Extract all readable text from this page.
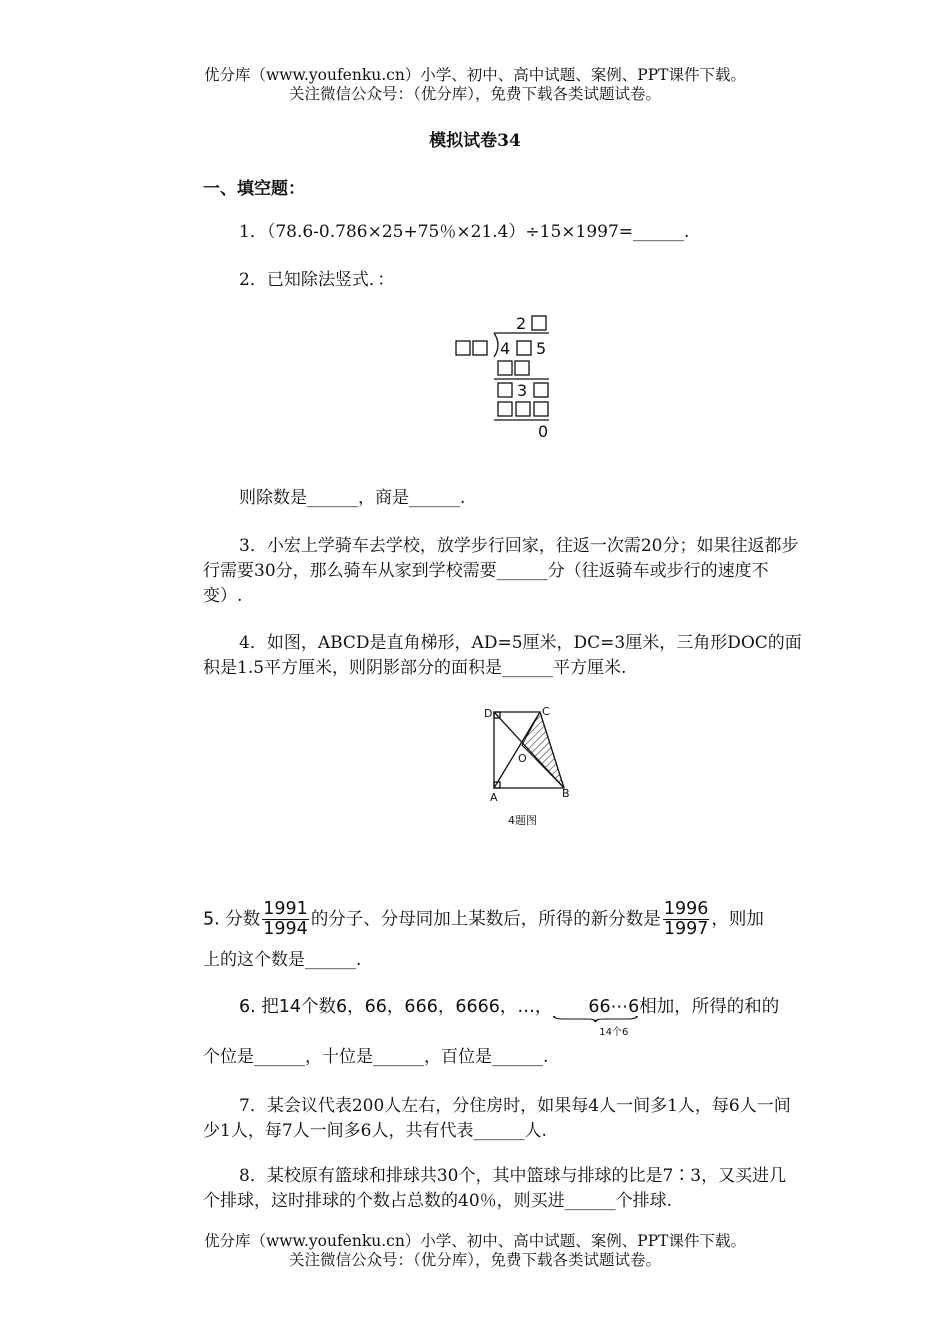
优分库（www.youfenku.cn）小学、初中、高中试题、案例、PPT课件下载。
关注微信公众号：（优分库），免费下载各类试题试卷。
模拟试卷34
一、填空题：
1．（78.6-0.786×25+75％×21.4）÷15×1997=______.
2．已知除法竖式．：
2
4 5
3
0
则除数是______，商是______.
3．小宏上学骑车去学校，放学步行回家，往返一次需20分；如果往返都步行需要30分，那么骑车从家到学校需要______分（往返骑车或步行的速度不变）.
4．如图，ABCD是直角梯形，AD=5厘米，DC=3厘米，三角形DOC的面积是1.5平方厘米，则阴影部分的面积是______平方厘米.
D	C
O
A	B
4题图
5. 分数 $\frac{1991}{1994}$ 的分子、分母同加上某数后，所得的新分数是 $\frac{1996}{1997}$ ，则加
上的这个数是______.
6. 把14个数6，66，666，6666，…， 66⋯6
14个6
相加，所得的和的
个位是______，十位是______，百位是______.
7．某会议代表200人左右，分住房时，如果每4人一间多1人，每6人一间少1人，每7人一间多6人，共有代表______人.
8．某校原有篮球和排球共30个，其中篮球与排球的比是7∶3，又买进几个排球，这时排球的个数占总数的40％，则买进______个排球.
优分库（www.youfenku.cn）小学、初中、高中试题、案例、PPT课件下载。
关注微信公众号：（优分库），免费下载各类试题试卷。
